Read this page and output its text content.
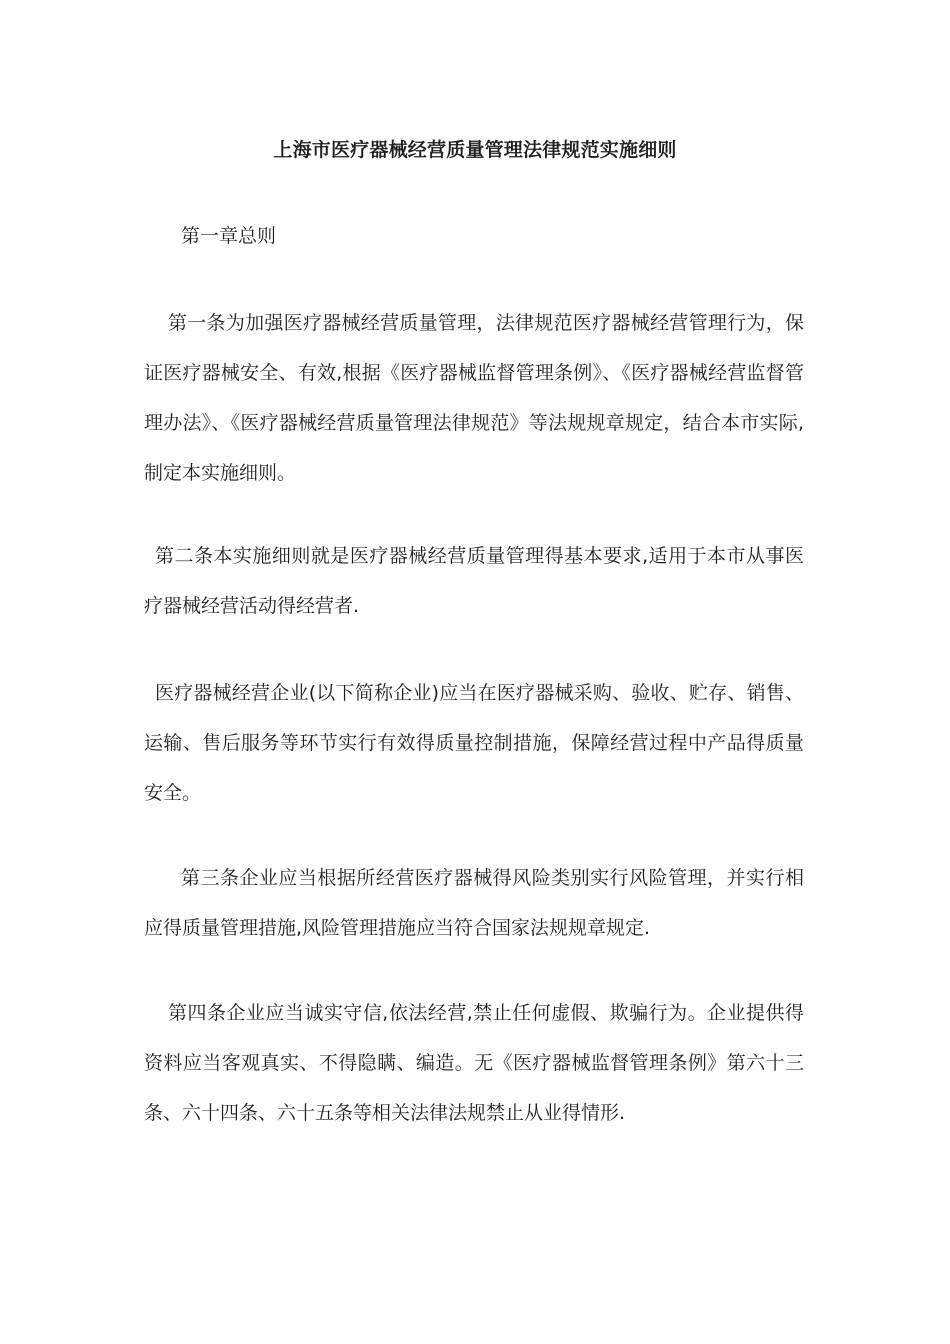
上海市医疗器械经营质量管理法律规范实施细则
第一章总则
第一条为加强医疗器械经营质量管理，法律规范医疗器械经营管理行为，保证医疗器械安全、有效,根据《医疗器械监督管理条例》、《医疗器械经营监督管理办法》、《医疗器械经营质量管理法律规范》等法规规章规定，结合本市实际,制定本实施细则。
第二条本实施细则就是医疗器械经营质量管理得基本要求,适用于本市从事医疗器械经营活动得经营者.
医疗器械经营企业(以下简称企业)应当在医疗器械采购、验收、贮存、销售、运输、售后服务等环节实行有效得质量控制措施，保障经营过程中产品得质量安全。
第三条企业应当根据所经营医疗器械得风险类别实行风险管理，并实行相应得质量管理措施,风险管理措施应当符合国家法规规章规定.
第四条企业应当诚实守信,依法经营,禁止任何虚假、欺骗行为。企业提供得资料应当客观真实、不得隐瞒、编造。无《医疗器械监督管理条例》第六十三条、六十四条、六十五条等相关法律法规禁止从业得情形.
